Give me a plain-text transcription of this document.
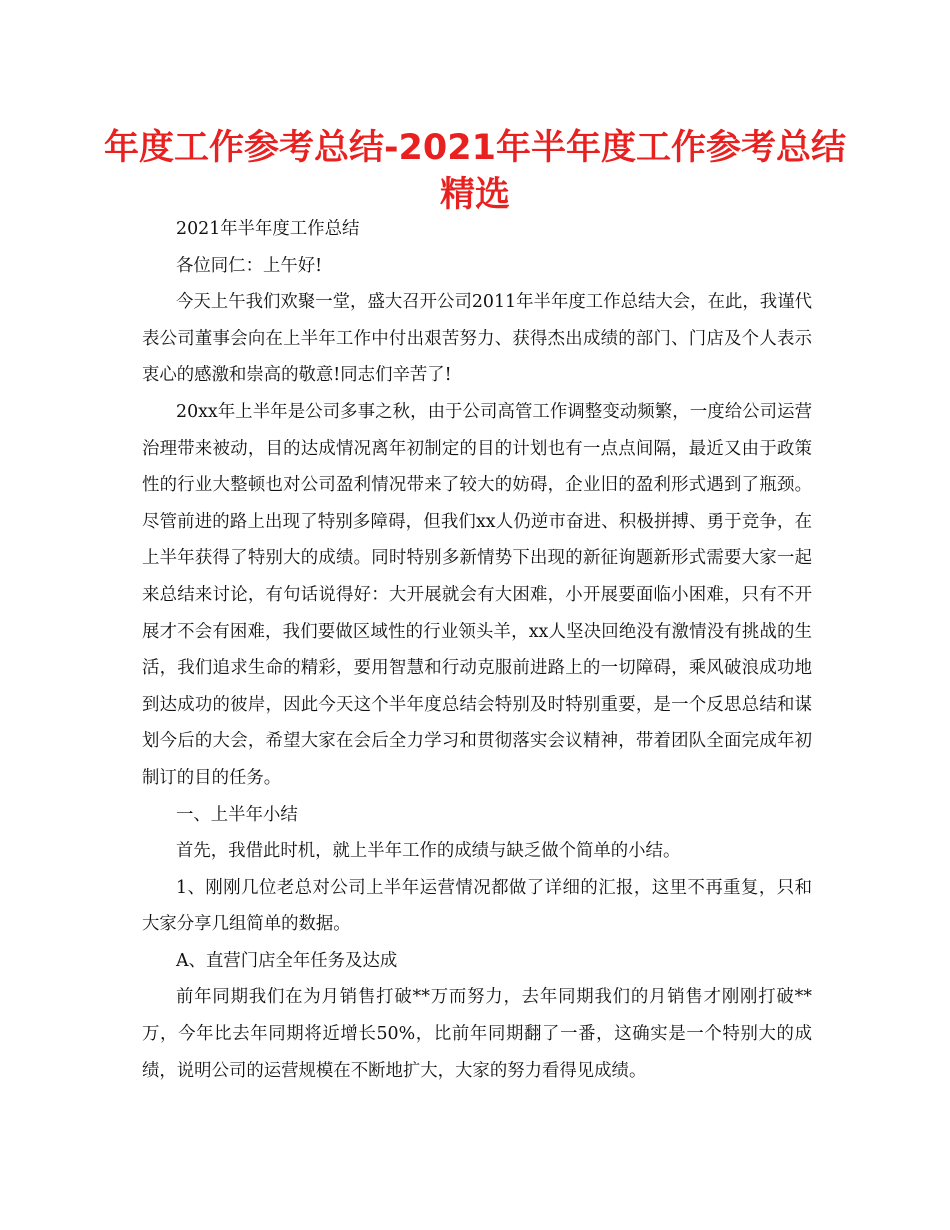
年度工作参考总结-2021年半年度工作参考总结
精选

2021年半年度工作总结

各位同仁：上午好!

今天上午我们欢聚一堂，盛大召开公司2011年半年度工作总结大会，在此，我谨代表公司董事会向在上半年工作中付出艰苦努力、获得杰出成绩的部门、门店及个人表示衷心的感激和崇高的敬意!同志们辛苦了!

20xx年上半年是公司多事之秋，由于公司高管工作调整变动频繁，一度给公司运营治理带来被动，目的达成情况离年初制定的目的计划也有一点点间隔，最近又由于政策性的行业大整顿也对公司盈利情况带来了较大的妨碍，企业旧的盈利形式遇到了瓶颈。尽管前进的路上出现了特别多障碍，但我们xx人仍逆市奋进、积极拼搏、勇于竞争，在上半年获得了特别大的成绩。同时特别多新情势下出现的新征询题新形式需要大家一起来总结来讨论，有句话说得好：大开展就会有大困难，小开展要面临小困难，只有不开展才不会有困难，我们要做区域性的行业领头羊，xx人坚决回绝没有激情没有挑战的生活，我们追求生命的精彩，要用智慧和行动克服前进路上的一切障碍，乘风破浪成功地到达成功的彼岸，因此今天这个半年度总结会特别及时特别重要，是一个反思总结和谋划今后的大会，希望大家在会后全力学习和贯彻落实会议精神，带着团队全面完成年初制订的目的任务。

一、上半年小结

首先，我借此时机，就上半年工作的成绩与缺乏做个简单的小结。

1、刚刚几位老总对公司上半年运营情况都做了详细的汇报，这里不再重复，只和大家分享几组简单的数据。

A、直营门店全年任务及达成

前年同期我们在为月销售打破**万而努力，去年同期我们的月销售才刚刚打破**万，今年比去年同期将近增长50%，比前年同期翻了一番，这确实是一个特别大的成绩，说明公司的运营规模在不断地扩大，大家的努力看得见成绩。
